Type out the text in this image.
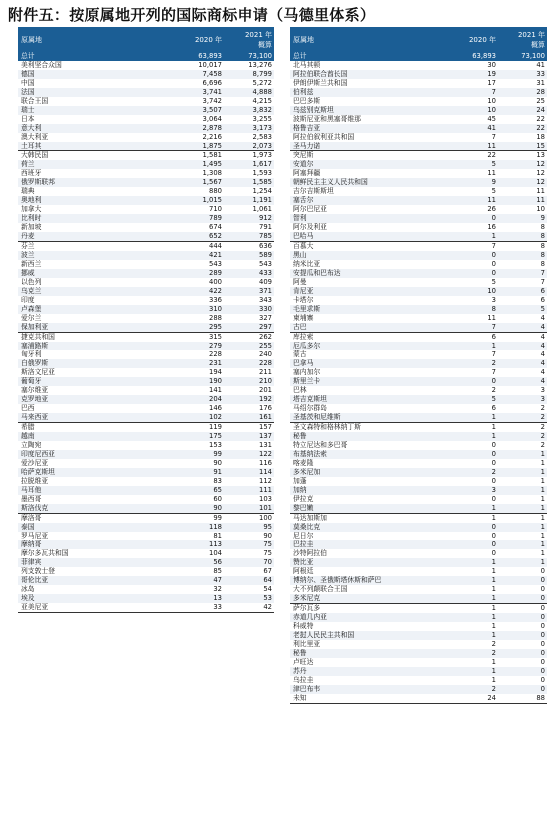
附件五：按原属地开列的国际商标申请（马德里体系）
原属地	2020 年	2021 年
概算
总计	63,893	73,100
美利坚合众国	10,017	13,276
德国	7,458	8,799
中国	6,696	5,272
法国	3,741	4,888
联合王国	3,742	4,215
瑞士	3,507	3,832
日本	3,064	3,255
意大利	2,878	3,173
澳大利亚	2,216	2,583
土耳其	1,875	2,073
大韩民国	1,581	1,973
荷兰	1,495	1,617
西班牙	1,308	1,593
俄罗斯联邦	1,567	1,585
瑞典	880	1,254
奥地利	1,015	1,191
加拿大	710	1,061
比利时	789	912
新加坡	674	791
丹麦	652	785
芬兰	444	636
波兰	421	589
新西兰	543	543
挪威	289	433
以色列	400	409
乌克兰	422	371
印度	336	343
卢森堡	310	330
爱尔兰	288	327
保加利亚	295	297
捷克共和国	315	262
塞浦路斯	279	255
匈牙利	228	240
白俄罗斯	231	228
斯洛文尼亚	194	211
葡萄牙	190	210
塞尔维亚	141	201
克罗地亚	204	192
巴西	146	176
马来西亚	102	161
希腊	119	157
越南	175	137
立陶宛	153	131
印度尼西亚	99	122
爱沙尼亚	90	116
哈萨克斯坦	91	114
拉脱维亚	83	112
马耳他	65	111
墨西哥	60	103
斯洛伐克	90	101
摩洛哥	99	100
泰国	118	95
罗马尼亚	81	90
摩纳哥	113	75
摩尔多瓦共和国	104	75
菲律宾	56	70
列支敦士登	85	67
哥伦比亚	47	64
冰岛	32	54
埃及	13	53
亚美尼亚	33	42
原属地	2020 年	2021 年
概算
总计	63,893	73,100
北马其顿	30	41
阿拉伯联合酋长国	19	33
伊朗伊斯兰共和国	17	31
伯利兹	7	28
巴巴多斯	10	25
乌兹别克斯坦	10	24
波斯尼亚和黑塞哥维那	45	22
格鲁吉亚	41	22
阿拉伯叙利亚共和国	7	18
圣马力诺	11	15
突尼斯	22	13
安道尔	5	12
阿塞拜疆	11	12
朝鲜民主主义人民共和国	9	12
吉尔吉斯斯坦	5	11
塞舌尔	11	11
阿尔巴尼亚	26	10
智利	0	9
阿尔及利亚	16	8
巴哈马	1	8
百慕大	7	8
黑山	0	8
纳米比亚	0	8
安提瓜和巴布达	0	7
阿曼	5	7
肯尼亚	10	6
卡塔尔	3	6
毛里求斯	8	5
柬埔寨	11	4
古巴	7	4
库拉索	6	4
厄瓜多尔	1	4
蒙古	7	4
巴拿马	2	4
塞内加尔	7	4
斯里兰卡	0	4
巴林	2	3
塔吉克斯坦	5	3
马绍尔群岛	6	2
圣基茨和尼维斯	1	2
圣文森特和格林纳丁斯	1	2
秘鲁	1	2
特立尼达和多巴哥	0	2
布基纳法索	0	1
喀麦隆	0	1
多米尼加	2	1
加蓬	0	1
加纳	3	1
伊拉克	0	1
黎巴嫩	1	1
马达加斯加	1	1
莫桑比克	0	1
尼日尔	0	1
巴拉圭	0	1
沙特阿拉伯	0	1
赞比亚	1	1
阿根廷	1	0
博纳尔、圣俄斯塔休斯和萨巴	1	0
大不列颠联合王国	1	0
多米尼克	1	0
萨尔瓦多	1	0
赤道几内亚	1	0
科威特	1	0
老挝人民民主共和国	1	0
利比里亚	2	0
秘鲁	2	0
卢旺达	1	0
苏丹	1	0
乌拉圭	1	0
津巴布韦	2	0
未知	24	88
